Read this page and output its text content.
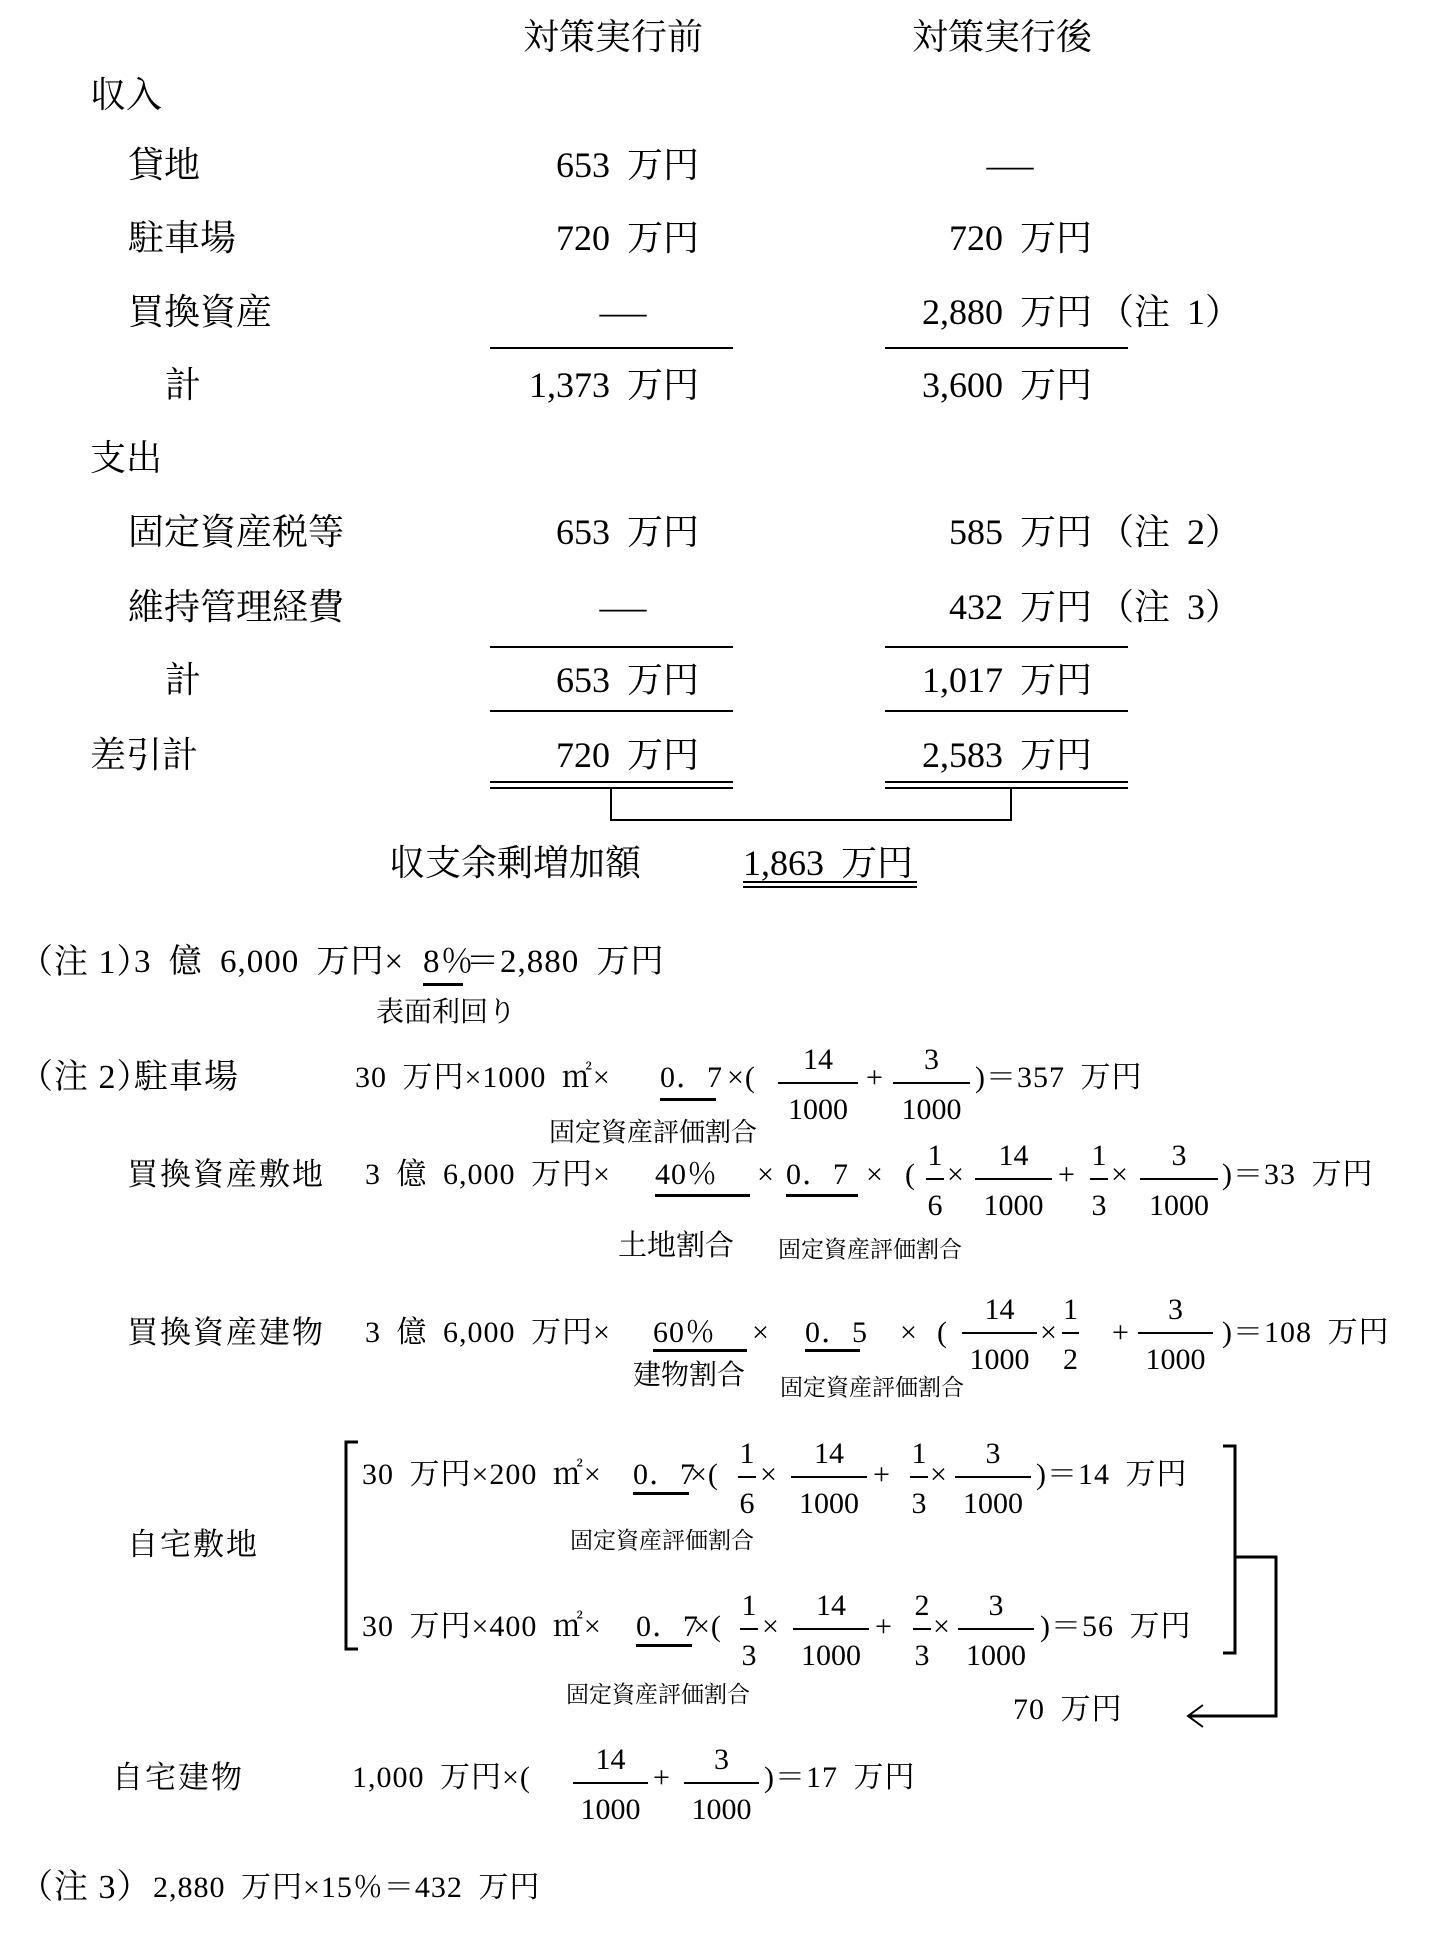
対策実行前	対策実行後
収入
貸地	653 万円	—
駐車場	720 万円	720 万円
買換資産	—	2,880 万円 （注 1）
計	1,373 万円	3,600 万円
支出
固定資産税等	653 万円	585 万円 （注 2）
維持管理経費	—	432 万円 （注 3）
計	653 万円	1,017 万円
差引計	720 万円	2,583 万円
収支余剰増加額	1,863 万円
（注 1）
3 億 6,000 万円× 8％
＝2,880 万円
表面利回り
（注 2）
駐車場	30 万円×1000 ㎡× 0．7 ×(
14
1000
+
3
1000
)＝357 万円
固定資産評価割合
買換資産敷地 3 億 6,000 万円× 40％	× 0．7 × (
1
6
×
14
1000
+
1
3
×
3
1000
)＝33 万円
土地割合 固定資産評価割合
買換資産建物 3 億 6,000 万円× 60％	× 0．5 × (
14
1000
×
1
2
+
3
1000
)＝108 万円
建物割合 固定資産評価割合
自宅敷地
30 万円×200 ㎡× 0．7
×(
1
6
×
14
1000
+
1
3
×
3
1000
)＝14 万円
固定資産評価割合
30 万円×400 ㎡× 0．7
×(
1
3
×
14
1000
+
2
3
×
3
1000
)＝56 万円
固定資産評価割合	70 万円
自宅建物	1,000 万円×(
14
1000
+
3
1000
)＝17 万円
（注 3） 2,880 万円×15％＝432 万円
